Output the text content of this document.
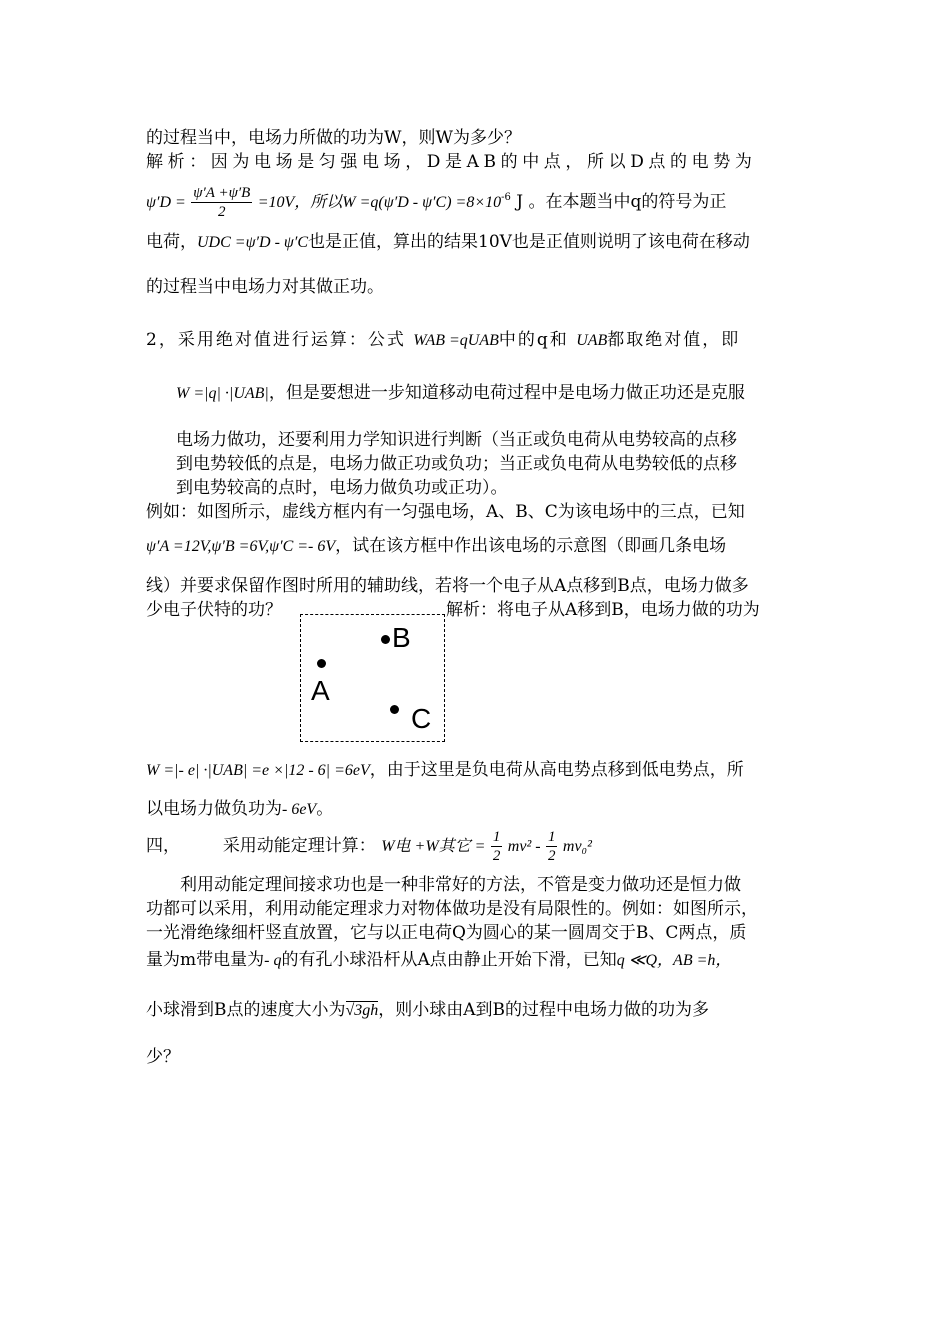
的过程当中，电场力所做的功为W，则W为多少？
解析：因为电场是匀强电场，D是AB的中点，所以D点的电势为
$\psi'D = \frac{\psi'A +\psi'B}{2} =10V$，所以$W =q(\psi'D - \psi'C) =8\times 10^{-6}$ J 。在本题当中q的符号为正
电荷，UDC =ψ′D - ψ′C也是正值，算出的结果10V也是正值则说明了该电荷在移动
的过程当中电场力对其做正功。
2，采用绝对值进行运算：公式 WAB =qUAB中的q和 UAB都取绝对值，即
W =|q| ·|UAB|，但是要想进一步知道移动电荷过程中是电场力做正功还是克服
电场力做功，还要利用力学知识进行判断（当正或负电荷从电势较高的点移
到电势较低的点是，电场力做正功或负功；当正或负电荷从电势较低的点移
到电势较高的点时，电场力做负功或正功）。
例如：如图所示，虚线方框内有一匀强电场，A、B、C为该电场中的三点，已知
ψ′A =12V,ψ′B =6V,ψ′C =- 6V，试在该方框中作出该电场的示意图（即画几条电场
线）并要求保留作图时所用的辅助线，若将一个电子从A点移到B点，电场力做多
少电子伏特的功？	解析：将电子从A移到B，电场力做的功为
B
A
C
W =|- e| ·|UAB| =e ×|12 - 6| =6eV，由于这里是负电荷从高电势点移到低电势点，所
以电场力做负功为- 6eV。
四，	采用动能定理计算： W电 +W其它 = $\frac{1}{2} mv^2 - \frac{1}{2} mv_0^2$
利用动能定理间接求功也是一种非常好的方法，不管是变力做功还是恒力做
功都可以采用，利用动能定理求力对物体做功是没有局限性的。例如：如图所示，
一光滑绝缘细杆竖直放置，它与以正电荷Q为圆心的某一圆周交于B、C两点，质
量为m带电量为- q的有孔小球沿杆从A点由静止开始下滑，已知q ≪Q，AB =h，
小球滑到B点的速度大小为√3gh，则小球由A到B的过程中电场力做的功为多
少？
